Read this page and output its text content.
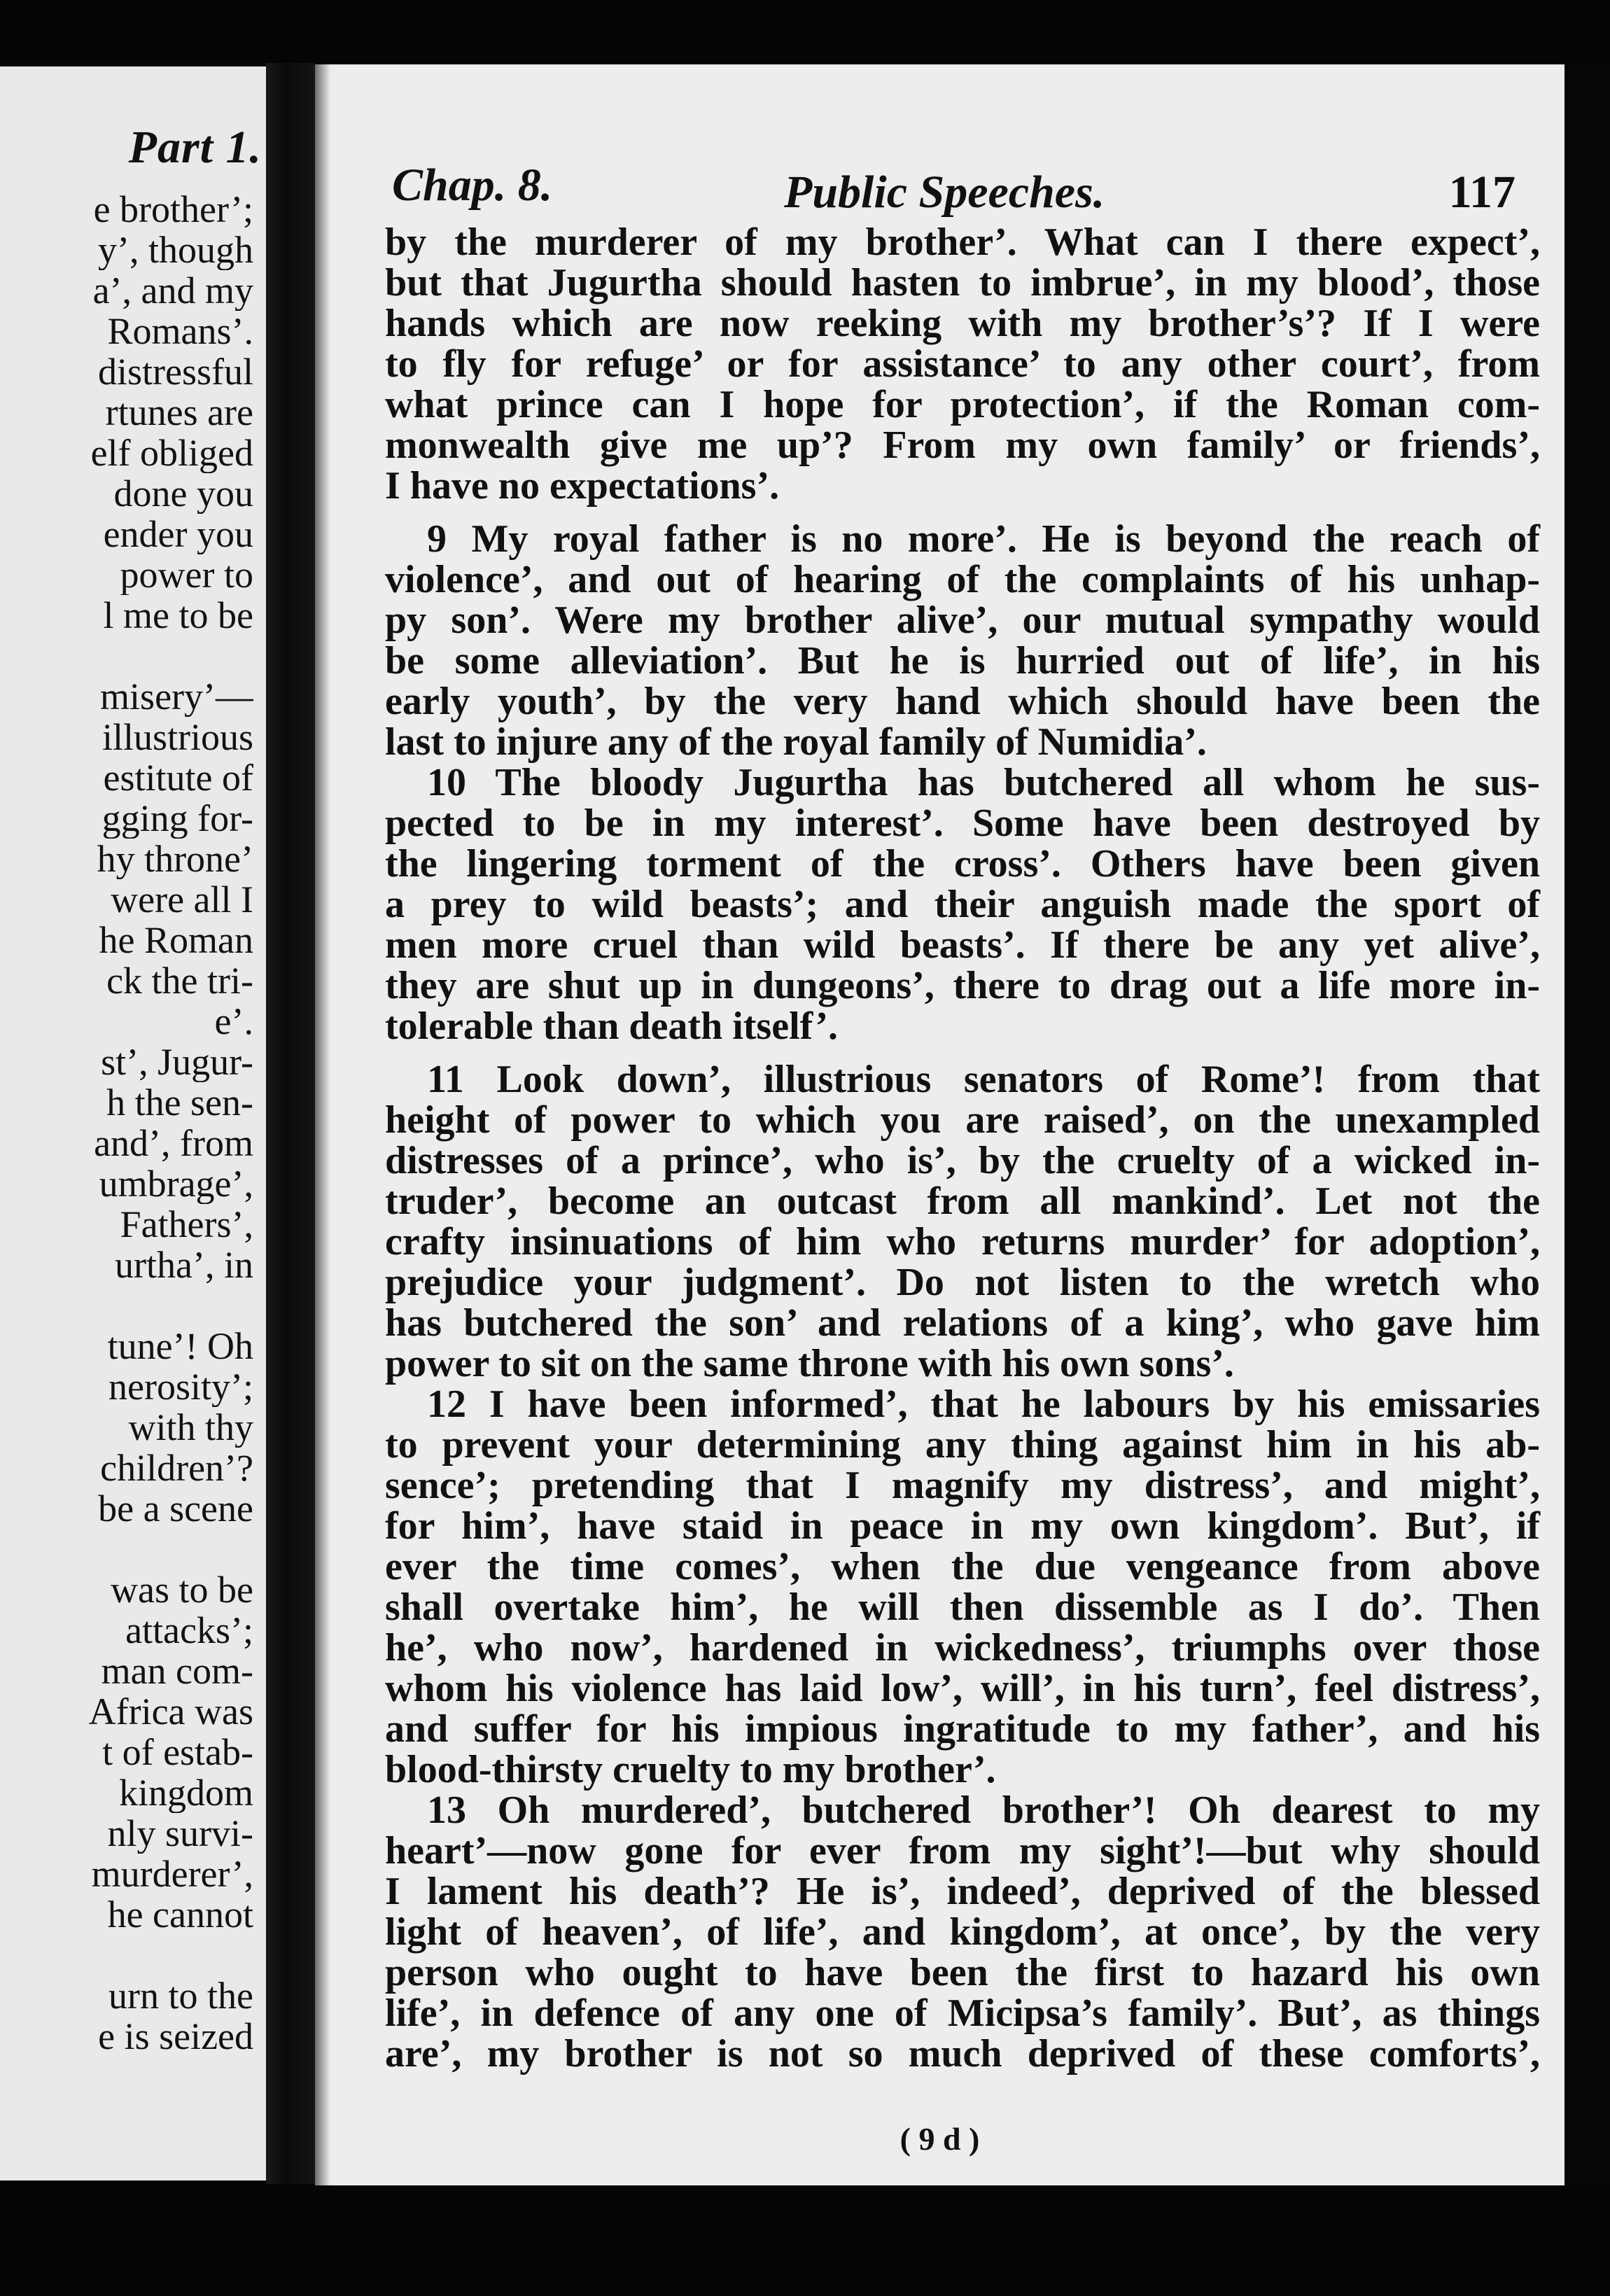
Part 1.
e brother’;
y’, though
a’, and my
Romans’.
distressful
rtunes are
elf obliged
done you
ender you
power to
l me to be
misery’—
illustrious
estitute of
gging for-
hy throne’
were all I
he Roman
ck the tri-
e’.
st’, Jugur-
h the sen-
and’, from
umbrage’,
Fathers’,
urtha’, in
tune’! Oh
nerosity’;
with thy
children’?
be a scene
was to be
attacks’;
man com-
Africa was
t of estab-
kingdom
nly survi-
murderer’,
he cannot
urn to the
e is seized
Chap. 8.	Public Speeches.	117
by the murderer of my brother’. What can I there expect’,
but that Jugurtha should hasten to imbrue’, in my blood’, those
hands which are now reeking with my brother’s’? If I were
to fly for refuge’ or for assistance’ to any other court’, from
what prince can I hope for protection’, if the Roman com-
monwealth give me up’? From my own family’ or friends’,
I have no expectations’.
9 My royal father is no more’. He is beyond the reach of
violence’, and out of hearing of the complaints of his unhap-
py son’. Were my brother alive’, our mutual sympathy would
be some alleviation’. But he is hurried out of life’, in his
early youth’, by the very hand which should have been the
last to injure any of the royal family of Numidia’.
10 The bloody Jugurtha has butchered all whom he sus-
pected to be in my interest’. Some have been destroyed by
the lingering torment of the cross’. Others have been given
a prey to wild beasts’; and their anguish made the sport of
men more cruel than wild beasts’. If there be any yet alive’,
they are shut up in dungeons’, there to drag out a life more in-
tolerable than death itself’.
11 Look down’, illustrious senators of Rome’! from that
height of power to which you are raised’, on the unexampled
distresses of a prince’, who is’, by the cruelty of a wicked in-
truder’, become an outcast from all mankind’. Let not the
crafty insinuations of him who returns murder’ for adoption’,
prejudice your judgment’. Do not listen to the wretch who
has butchered the son’ and relations of a king’, who gave him
power to sit on the same throne with his own sons’.
12 I have been informed’, that he labours by his emissaries
to prevent your determining any thing against him in his ab-
sence’; pretending that I magnify my distress’, and might’,
for him’, have staid in peace in my own kingdom’. But’, if
ever the time comes’, when the due vengeance from above
shall overtake him’, he will then dissemble as I do’. Then
he’, who now’, hardened in wickedness’, triumphs over those
whom his violence has laid low’, will’, in his turn’, feel distress’,
and suffer for his impious ingratitude to my father’, and his
blood-thirsty cruelty to my brother’.
13 Oh murdered’, butchered brother’! Oh dearest to my
heart’—now gone for ever from my sight’!—but why should
I lament his death’? He is’, indeed’, deprived of the blessed
light of heaven’, of life’, and kingdom’, at once’, by the very
person who ought to have been the first to hazard his own
life’, in defence of any one of Micipsa’s family’. But’, as things
are’, my brother is not so much deprived of these comforts’,
( 9 d )
